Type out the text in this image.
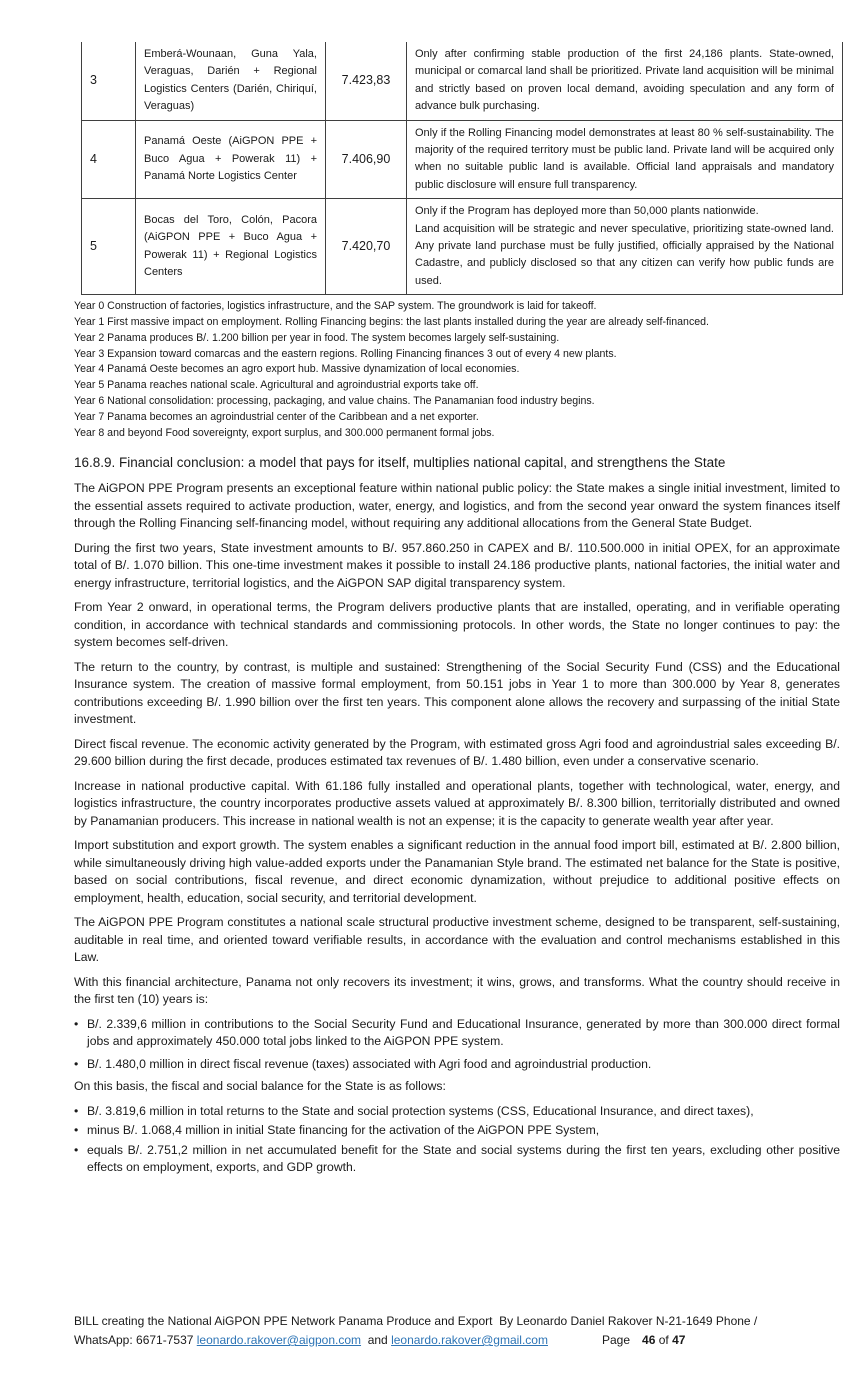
3	Emberá-Wounaan, Guna Yala, Veraguas, Darién + Regional Logistics Centers (Darién, Chiriquí, Veraguas)	7.423,83	Only after confirming stable production of the first 24,186 plants. State-owned, municipal or comarcal land shall be prioritized. Private land acquisition will be minimal and strictly based on proven local demand, avoiding speculation and any form of advance bulk purchasing.

4	Panamá Oeste (AiGPON PPE + Buco Agua + Powerak 11) + Panamá Norte Logistics Center	7.406,90	Only if the Rolling Financing model demonstrates at least 80 % self-sustainability. The majority of the required territory must be public land. Private land will be acquired only when no suitable public land is available. Official land appraisals and mandatory public disclosure will ensure full transparency.

5	Bocas del Toro, Colón, Pacora (AiGPON PPE + Buco Agua + Powerak 11) + Regional Logistics Centers	7.420,70	Only if the Program has deployed more than 50,000 plants nationwide.
Land acquisition will be strategic and never speculative, prioritizing state-owned land. Any private land purchase must be fully justified, officially appraised by the National Cadastre, and publicly disclosed so that any citizen can verify how public funds are used.
Year 0 Construction of factories, logistics infrastructure, and the SAP system. The groundwork is laid for takeoff.
Year 1 First massive impact on employment. Rolling Financing begins: the last plants installed during the year are already self-financed.
Year 2 Panama produces B/. 1.200 billion per year in food. The system becomes largely self-sustaining.
Year 3 Expansion toward comarcas and the eastern regions. Rolling Financing finances 3 out of every 4 new plants.
Year 4 Panamá Oeste becomes an agro export hub. Massive dynamization of local economies.
Year 5 Panama reaches national scale. Agricultural and agroindustrial exports take off.
Year 6 National consolidation: processing, packaging, and value chains. The Panamanian food industry begins.
Year 7 Panama becomes an agroindustrial center of the Caribbean and a net exporter.
Year 8 and beyond Food sovereignty, export surplus, and 300.000 permanent formal jobs.
16.8.9. Financial conclusion: a model that pays for itself, multiplies national capital, and strengthens the State

The AiGPON PPE Program presents an exceptional feature within national public policy: the State makes a single initial investment, limited to the essential assets required to activate production, water, energy, and logistics, and from the second year onward the system finances itself through the Rolling Financing self-financing model, without requiring any additional allocations from the General State Budget.

During the first two years, State investment amounts to B/. 957.860.250 in CAPEX and B/. 110.500.000 in initial OPEX, for an approximate total of B/. 1.070 billion. This one-time investment makes it possible to install 24.186 productive plants, national factories, the initial water and energy infrastructure, territorial logistics, and the AiGPON SAP digital transparency system.

From Year 2 onward, in operational terms, the Program delivers productive plants that are installed, operating, and in verifiable operating condition, in accordance with technical standards and commissioning protocols. In other words, the State no longer continues to pay: the system becomes self-driven.

The return to the country, by contrast, is multiple and sustained: Strengthening of the Social Security Fund (CSS) and the Educational Insurance system. The creation of massive formal employment, from 50.151 jobs in Year 1 to more than 300.000 by Year 8, generates contributions exceeding B/. 1.990 billion over the first ten years. This component alone allows the recovery and surpassing of the initial State investment.

Direct fiscal revenue. The economic activity generated by the Program, with estimated gross Agri food and agroindustrial sales exceeding B/. 29.600 billion during the first decade, produces estimated tax revenues of B/. 1.480 billion, even under a conservative scenario.

Increase in national productive capital. With 61.186 fully installed and operational plants, together with technological, water, energy, and logistics infrastructure, the country incorporates productive assets valued at approximately B/. 8.300 billion, territorially distributed and owned by Panamanian producers. This increase in national wealth is not an expense; it is the capacity to generate wealth year after year.

Import substitution and export growth. The system enables a significant reduction in the annual food import bill, estimated at B/. 2.800 billion, while simultaneously driving high value-added exports under the Panamanian Style brand. The estimated net balance for the State is positive, based on social contributions, fiscal revenue, and direct economic dynamization, without prejudice to additional positive effects on employment, health, education, social security, and territorial development.

The AiGPON PPE Program constitutes a national scale structural productive investment scheme, designed to be transparent, self-sustaining, auditable in real time, and oriented toward verifiable results, in accordance with the evaluation and control mechanisms established in this Law.

With this financial architecture, Panama not only recovers its investment; it wins, grows, and transforms. What the country should receive in the first ten (10) years is:

• B/. 2.339,6 million in contributions to the Social Security Fund and Educational Insurance, generated by more than 300.000 direct formal jobs and approximately 450.000 total jobs linked to the AiGPON PPE system.
• B/. 1.480,0 million in direct fiscal revenue (taxes) associated with Agri food and agroindustrial production.

On this basis, the fiscal and social balance for the State is as follows:

• B/. 3.819,6 million in total returns to the State and social protection systems (CSS, Educational Insurance, and direct taxes),
• minus B/. 1.068,4 million in initial State financing for the activation of the AiGPON PPE System,
• equals B/. 2.751,2 million in net accumulated benefit for the State and social systems during the first ten years, excluding other positive effects on employment, exports, and GDP growth.
BILL creating the National AiGPON PPE Network Panama Produce and Export  By Leonardo Daniel Rakover N-21-1649 Phone /
WhatsApp: 6671-7537 leonardo.rakover@aigpon.com  and leonardo.rakover@gmail.com	Page 46 of 47
